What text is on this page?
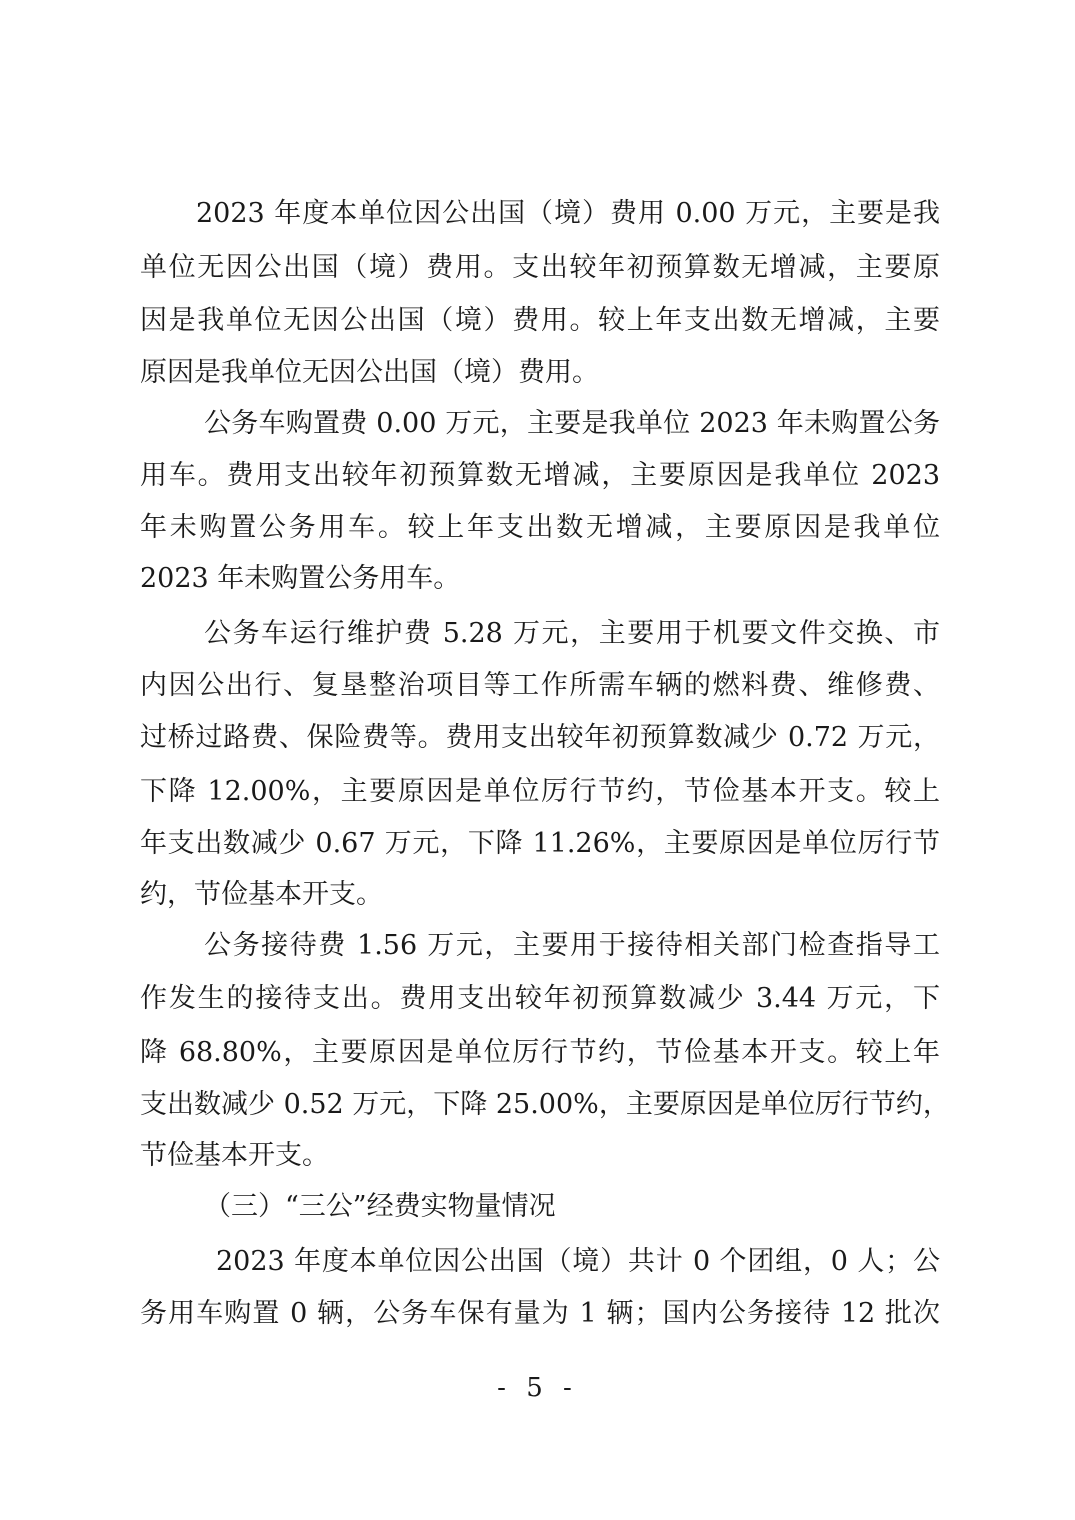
2023 年度本单位因公出国（境）费用 0.00 万元，主要是我
单位无因公出国（境）费用。支出较年初预算数无增减，主要原
因是我单位无因公出国（境）费用。较上年支出数无增减，主要
原因是我单位无因公出国（境）费用。
公务车购置费 0.00 万元，主要是我单位 2023 年未购置公务
用车。费用支出较年初预算数无增减，主要原因是我单位 2023
年未购置公务用车。较上年支出数无增减，主要原因是我单位
2023 年未购置公务用车。
公务车运行维护费 5.28 万元，主要用于机要文件交换、市
内因公出行、复垦整治项目等工作所需车辆的燃料费、维修费、
过桥过路费、保险费等。费用支出较年初预算数减少 0.72 万元，
下降 12.00%，主要原因是单位厉行节约，节俭基本开支。较上
年支出数减少 0.67 万元，下降 11.26%，主要原因是单位厉行节
约，节俭基本开支。
公务接待费 1.56 万元，主要用于接待相关部门检查指导工
作发生的接待支出。费用支出较年初预算数减少 3.44 万元，下
降 68.80%，主要原因是单位厉行节约，节俭基本开支。较上年
支出数减少 0.52 万元，下降 25.00%，主要原因是单位厉行节约，
节俭基本开支。
（三）“三公”经费实物量情况
2023 年度本单位因公出国（境）共计 0 个团组，0 人；公
务用车购置 0 辆，公务车保有量为 1 辆；国内公务接待 12 批次
- 5 -
